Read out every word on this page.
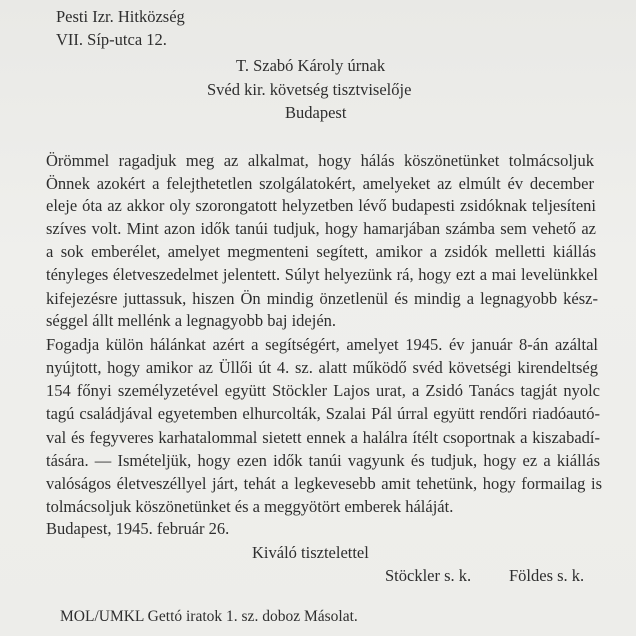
Pesti Izr. Hitközség
VII. Síp-utca 12.
T. Szabó Károly úrnak
Svéd kir. követség tisztviselője
Budapest
Örömmel ragadjuk meg az alkalmat, hogy hálás köszönetünket tolmácsoljuk
Önnek azokért a felejthetetlen szolgálatokért, amelyeket az elmúlt év december
eleje óta az akkor oly szorongatott helyzetben lévő budapesti zsidóknak teljesíteni
szíves volt. Mint azon idők tanúi tudjuk, hogy hamarjában számba sem vehető az
a sok emberélet, amelyet megmenteni segített, amikor a zsidók melletti kiállás
tényleges életveszedelmet jelentett. Súlyt helyezünk rá, hogy ezt a mai levelünkkel
kifejezésre juttassuk, hiszen Ön mindig önzetlenül és mindig a legnagyobb kész-
séggel állt mellénk a legnagyobb baj idején.
Fogadja külön hálánkat azért a segítségért, amelyet 1945. év január 8-án azáltal
nyújtott, hogy amikor az Üllői út 4. sz. alatt működő svéd követségi kirendeltség
154 főnyi személyzetével együtt Stöckler Lajos urat, a Zsidó Tanács tagját nyolc
tagú családjával egyetemben elhurcolták, Szalai Pál úrral együtt rendőri riadóautó-
val és fegyveres karhatalommal sietett ennek a halálra ítélt csoportnak a kiszabadí-
tására. — Ismételjük, hogy ezen idők tanúi vagyunk és tudjuk, hogy ez a kiállás
valóságos életveszéllyel járt, tehát a legkevesebb amit tehetünk, hogy formailag is
tolmácsoljuk köszönetünket és a meggyötört emberek háláját.
Budapest, 1945. február 26.
Kiváló tisztelettel
Stöckler s. k. Földes s. k.
MOL/UMKL Gettó iratok 1. sz. doboz Másolat.
